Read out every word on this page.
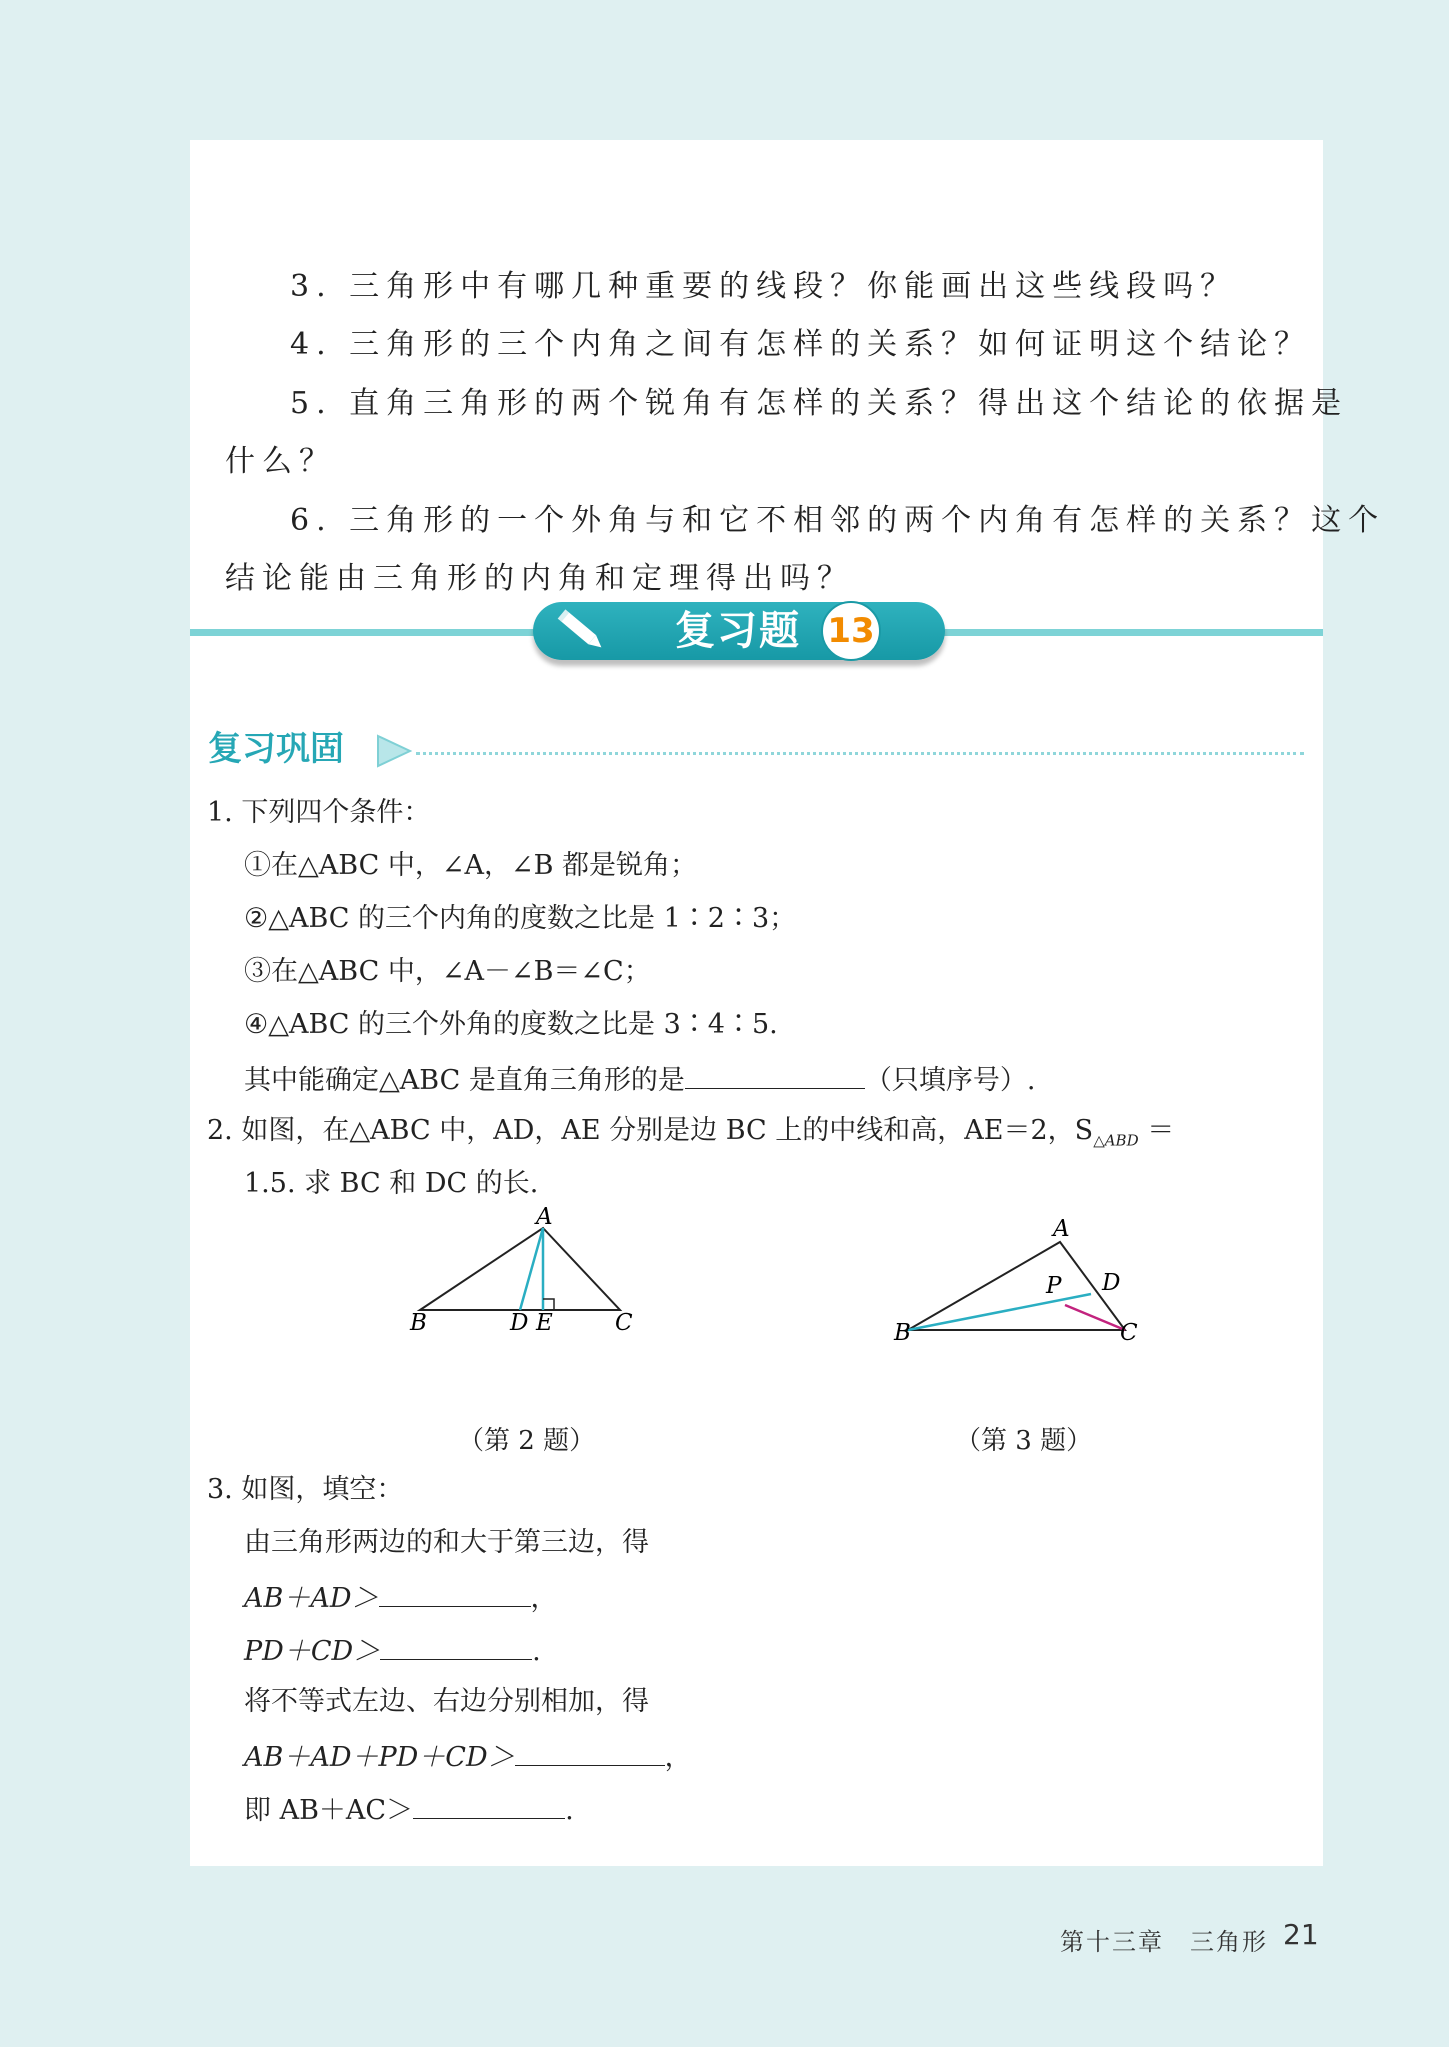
3. 三角形中有哪几种重要的线段？你能画出这些线段吗？
4. 三角形的三个内角之间有怎样的关系？如何证明这个结论？
5. 直角三角形的两个锐角有怎样的关系？得出这个结论的依据是
什么？
6. 三角形的一个外角与和它不相邻的两个内角有怎样的关系？这个
结论能由三角形的内角和定理得出吗？
复习题 13
复习巩固
1. 下列四个条件：
①在△ABC 中，∠A，∠B 都是锐角；
②△ABC 的三个内角的度数之比是 1∶2∶3；
③在△ABC 中，∠A－∠B＝∠C；
④△ABC 的三个外角的度数之比是 3∶4∶5.
其中能确定△ABC 是直角三角形的是	（只填序号）.
2. 如图，在△ABC 中，AD，AE 分别是边 BC 上的中线和高，AE＝2，$S_{\triangle ABD}$ ＝
1.5. 求 BC 和 DC 的长.
A
B	D E	C
A
B
P D
C
（第 2 题）	（第 3 题）
3. 如图，填空：
由三角形两边的和大于第三边，得
AB＋AD＞	，
PD＋CD＞	.
将不等式左边、右边分别相加，得
AB＋AD＋PD＋CD＞	，
即 AB＋AC＞	.
第十三章　三角形 21
